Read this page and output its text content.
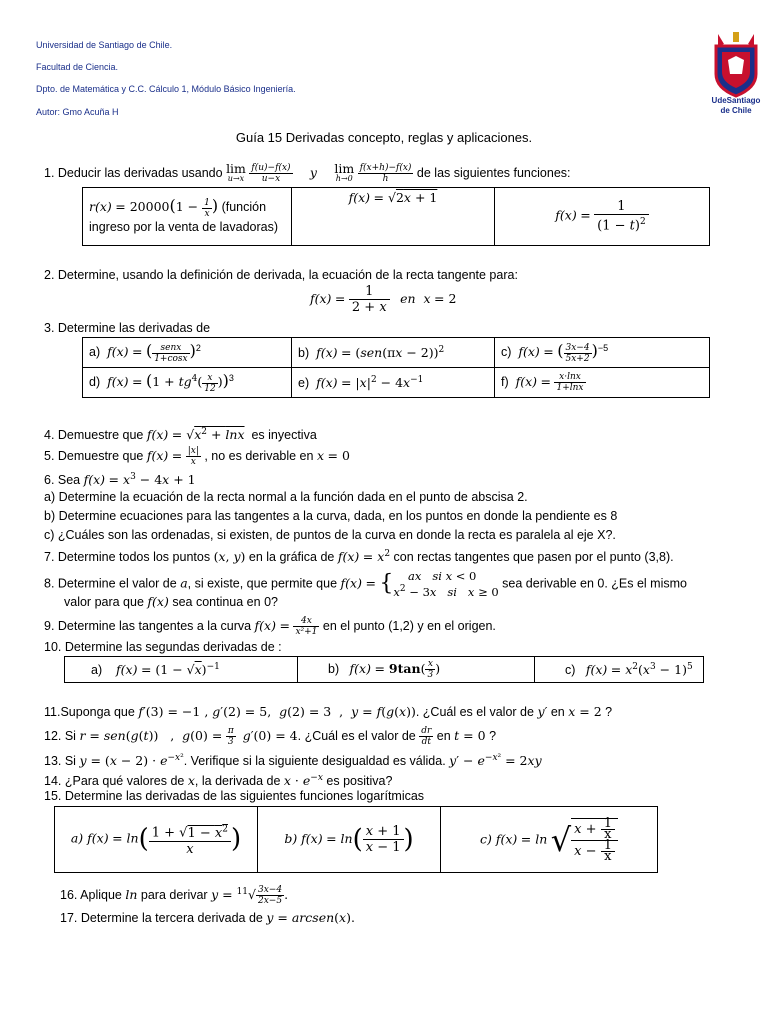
Universidad de Santiago de Chile.
Facultad de Ciencia.
Dpto. de Matemática y C.C. Cálculo 1, Módulo Básico Ingeniería.
Autor: Gmo Acuña H
UdeSantiago
de Chile
Guía 15 Derivadas concepto, reglas y aplicaciones.
1. Deducir las derivadas usando lim
u→x
$\frac{f(u)-f(x)}{u-x}$ y lim
h→0
$\frac{f(x+h)-f(x)}{h}$ de las siguientes funciones:
$r(x) = 20000(1 - \frac{1}{x}$ ) (función ingreso por la venta de lavadoras)	f(x) = √2x + 1	$f(x) = \frac{1}{(1 - t)^2}$
2. Determine, usando la definición de derivada, la ecuación de la recta tangente para:
$f(x) = \frac{1}{2 + x}$ en  x = 2
3. Determine las derivadas de
a)  f(x) = ( $\frac{\text{senx}}{1+\cos x} )^2$	b)  $f(x) = (sen(\pi x - 2))^2$	c)  f(x) = ( $\frac{3x-4}{5x+2} )^{-5}$
d)  $f(x) = (1 + tg^4( \frac{x}{12} ))^3$	e)  $f(x) = |x|^2 - 4x^{-1}$	f)  $f(x) = \frac{x\cdot\ln x}{1+\ln x}$
4. Demuestre que $f(x) = √x^2 + \ln x$ es inyectiva
5. Demuestre que $f(x) = \frac{|x|}{x}$ , no es derivable en x = 0
6. Sea $f(x) = x^3 - 4x + 1$
a) Determine la ecuación de la recta normal a la función dada en el punto de abscisa 2.
b) Determine ecuaciones para las tangentes a la curva, dada, en los puntos en donde la pendiente es 8
c) ¿Cuáles son las ordenadas, si existen, de puntos de la curva en donde la recta es paralela al eje X?.
7. Determine todos los puntos (x, y) en la gráfica de $f(x) = x^2$ con rectas tangentes que pasen por el punto (3,8).
8. Determine el valor de a, si existe, que permite que f(x) = {	ax si x < 0
$x^2 - 3x$ si   x ≥ 0
sea derivable en 0. ¿Es el mismo
valor para que f(x) sea continua en 0?
9. Determine las tangentes a la curva $f(x) = \frac{4x}{\text{x²+1}}$ en el punto (1,2) y en el origen.
10. Determine las segundas derivadas de :
a)    $f(x) = (1 - √x)^{-1}$	b)   $f(x) = 9\tan( \frac{x}{3}$ )	c)   $f(x) = x^2(x^3 - 1)^5$
11.Suponga que f′(3) = −1 , g′(2) = 5,  g(2) = 3  ,  y = f(g(x)). ¿Cuál es el valor de y′ en x = 2 ?
12. Si r = sen(g(t))   ,  $g(0) = \frac{\pi}{3} g'(0) = 4$. ¿Cuál es el valor de $\frac{dr}{dt}$ en t = 0 ?
13. Si $y = (x - 2) \cdot e^{-x^2}$. Verifique si la siguiente desigualdad es válida. $y' - e^{-x^2} = 2xy$
14. ¿Para qué valores de x, la derivada de $x \cdot e^{-x}$ es positiva?
15. Determine las derivadas de las siguientes funciones logarítmicas
a) $f(x) = \ln( \frac{1 + √1 - x^2}{x}$ )	b) $f(x) = \ln( \frac{x + 1}{x - 1}$ )	c) f(x) = ln √ $\frac{x + \frac{1}{x}}{x - \frac{1}{x}}$
16. Aplique ln para derivar $y = ^{11}√ \frac{3x-4}{2x-5}$ .
17. Determine la tercera derivada de y = arcsen(x).
